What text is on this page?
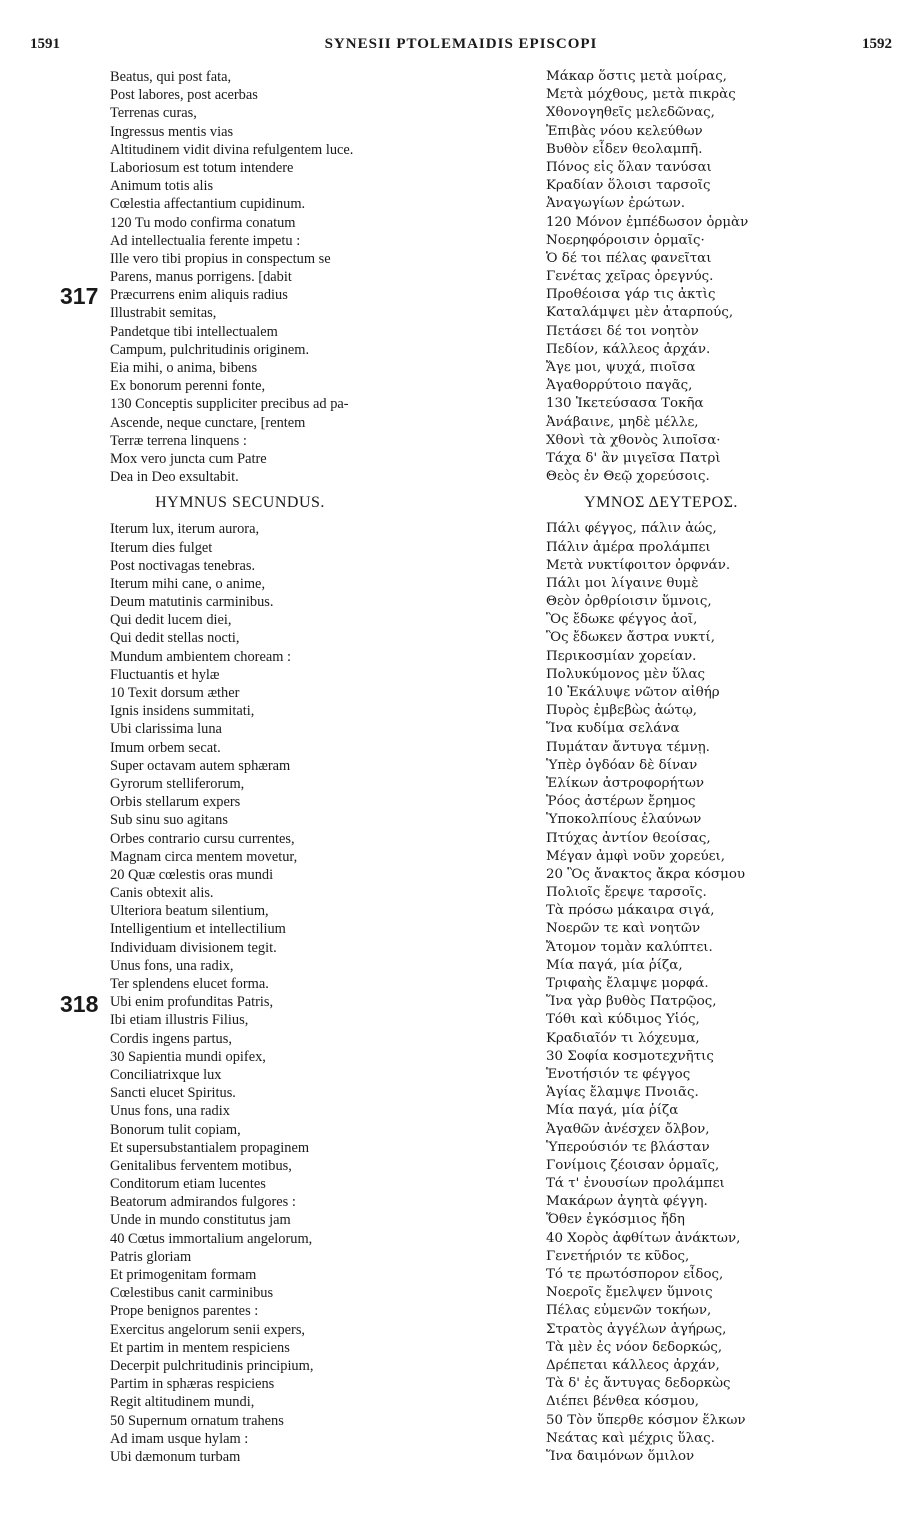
1591	SYNESII PTOLEMAIDIS EPISCOPI	1592
317
318
Beatus, qui post fata,
Post labores, post acerbas
Terrenas curas,
Ingressus mentis vias
Altitudinem vidit divina refulgentem luce.
Laboriosum est totum intendere
Animum totis alis
Cœlestia affectantium cupidinum.
120 Tu modo confirma conatum
Ad intellectualia ferente impetu :
Ille vero tibi propius in conspectum se
Parens, manus porrigens. [dabit
Præcurrens enim aliquis radius
Illustrabit semitas,
Pandetque tibi intellectualem
Campum, pulchritudinis originem.
Eia mihi, o anima, bibens
Ex bonorum perenni fonte,
130 Conceptis suppliciter precibus ad pa-
Ascende, neque cunctare, [rentem
Terræ terrena linquens :
Mox vero juncta cum Patre
Dea in Deo exsultabit.
HYMNUS SECUNDUS.
Iterum lux, iterum aurora,
Iterum dies fulget
Post noctivagas tenebras.
Iterum mihi cane, o anime,
Deum matutinis carminibus.
Qui dedit lucem diei,
Qui dedit stellas nocti,
Mundum ambientem choream :
Fluctuantis et hylæ
10 Texit dorsum æther
Ignis insidens summitati,
Ubi clarissima luna
Imum orbem secat.
Super octavam autem sphæram
Gyrorum stelliferorum,
Orbis stellarum expers
Sub sinu suo agitans
Orbes contrario cursu currentes,
Magnam circa mentem movetur,
20 Quæ cœlestis oras mundi
Canis obtexit alis.
Ulteriora beatum silentium,
Intelligentium et intellectilium
Individuam divisionem tegit.
Unus fons, una radix,
Ter splendens elucet forma.
Ubi enim profunditas Patris,
Ibi etiam illustris Filius,
Cordis ingens partus,
30 Sapientia mundi opifex,
Conciliatrixque lux
Sancti elucet Spiritus.
Unus fons, una radix
Bonorum tulit copiam,
Et supersubstantialem propaginem
Genitalibus ferventem motibus,
Conditorum etiam lucentes
Beatorum admirandos fulgores :
Unde in mundo constitutus jam
40 Cœtus immortalium angelorum,
Patris gloriam
Et primogenitam formam
Cœlestibus canit carminibus
Prope benignos parentes :
Exercitus angelorum senii expers,
Et partim in mentem respiciens
Decerpit pulchritudinis principium,
Partim in sphæras respiciens
Regit altitudinem mundi,
50 Supernum ornatum trahens
Ad imam usque hylam :
Ubi dæmonum turbam
Μάκαρ ὅστις μετὰ μοίρας,
Μετὰ μόχθους, μετὰ πικρὰς
Χθονογηθεῖς μελεδῶνας,
Ἐπιβὰς νόου κελεύθων
Βυθὸν εἶδεν θεολαμπῆ.
Πόνος εἰς ὅλαν τανύσαι
Κραδίαν ὅλοισι ταρσοῖς
Ἀναγωγίων ἐρώτων.
120 Μόνον ἐμπέδωσον ὁρμὰν
Νοερηφόροισιν ὁρμαῖς·
Ὁ δέ τοι πέλας φανεῖται
Γενέτας χεῖρας ὀρεγνύς.
Προθέοισα γάρ τις ἀκτὶς
Καταλάμψει μὲν ἀταρπούς,
Πετάσει δέ τοι νοητὸν
Πεδίον, κάλλεος ἀρχάν.
Ἄγε μοι, ψυχά, πιοῖσα
Ἀγαθορρύτοιο παγᾶς,
130 Ἱκετεύσασα Τοκῆα
Ἀνάβαινε, μηδὲ μέλλε,
Χθονὶ τὰ χθονὸς λιποῖσα·
Τάχα δ' ἂν μιγεῖσα Πατρὶ
Θεὸς ἐν Θεῷ χορεύσοις.
ΥΜΝΟΣ ΔΕΥΤΕΡΟΣ.
Πάλι φέγγος, πάλιν ἀώς,
Πάλιν ἁμέρα προλάμπει
Μετὰ νυκτίφοιτον ὀρφνάν.
Πάλι μοι λίγαινε θυμὲ
Θεὸν ὀρθρίοισιν ὕμνοις,
Ὃς ἔδωκε φέγγος ἀοῖ,
Ὃς ἔδωκεν ἄστρα νυκτί,
Περικοσμίαν χορείαν.
Πολυκύμονος μὲν ὕλας
10 Ἐκάλυψε νῶτον αἰθήρ
Πυρὸς ἐμβεβὼς ἀώτῳ,
Ἵνα κυδίμα σελάνα
Πυμάταν ἄντυγα τέμνῃ.
Ὑπὲρ ὀγδόαν δὲ δίναν
Ἑλίκων ἀστροφορήτων
Ῥόος ἀστέρων ἔρημος
Ὑποκολπίους ἐλαύνων
Πτύχας ἀντίον θεοίσας,
Μέγαν ἀμφὶ νοῦν χορεύει,
20 Ὃς ἄνακτος ἄκρα κόσμου
Πολιοῖς ἔρεψε ταρσοῖς.
Τὰ πρόσω μάκαιρα σιγά,
Νοερῶν τε καὶ νοητῶν
Ἄτομον τομὰν καλύπτει.
Μία παγά, μία ῥίζα,
Τριφαὴς ἔλαμψε μορφά.
Ἵνα γὰρ βυθὸς Πατρῷος,
Τόθι καὶ κύδιμος Υἱός,
Κραδιαῖόν τι λόχευμα,
30 Σοφία κοσμοτεχνῆτις
Ἑνοτήσιόν τε φέγγος
Ἁγίας ἔλαμψε Πνοιᾶς.
Μία παγά, μία ῥίζα
Ἀγαθῶν ἀνέσχεν ὄλβον,
Ὑπερούσιόν τε βλάσταν
Γονίμοις ζέοισαν ὁρμαῖς,
Τά τ' ἐνουσίων προλάμπει
Μακάρων ἀγητὰ φέγγη.
Ὅθεν ἐγκόσμιος ἤδη
40 Χορὸς ἀφθίτων ἀνάκτων,
Γενετήριόν τε κῦδος,
Τό τε πρωτόσπορον εἶδος,
Νοεροῖς ἔμελψεν ὕμνοις
Πέλας εὐμενῶν τοκήων,
Στρατὸς ἀγγέλων ἀγήρως,
Τὰ μὲν ἐς νόον δεδορκώς,
Δρέπεται κάλλεος ἀρχάν,
Τὰ δ' ἐς ἄντυγας δεδορκὼς
Διέπει βένθεα κόσμου,
50 Τὸν ὕπερθε κόσμον ἕλκων
Νεάτας καὶ μέχρις ὕλας.
Ἵνα δαιμόνων ὅμιλον
